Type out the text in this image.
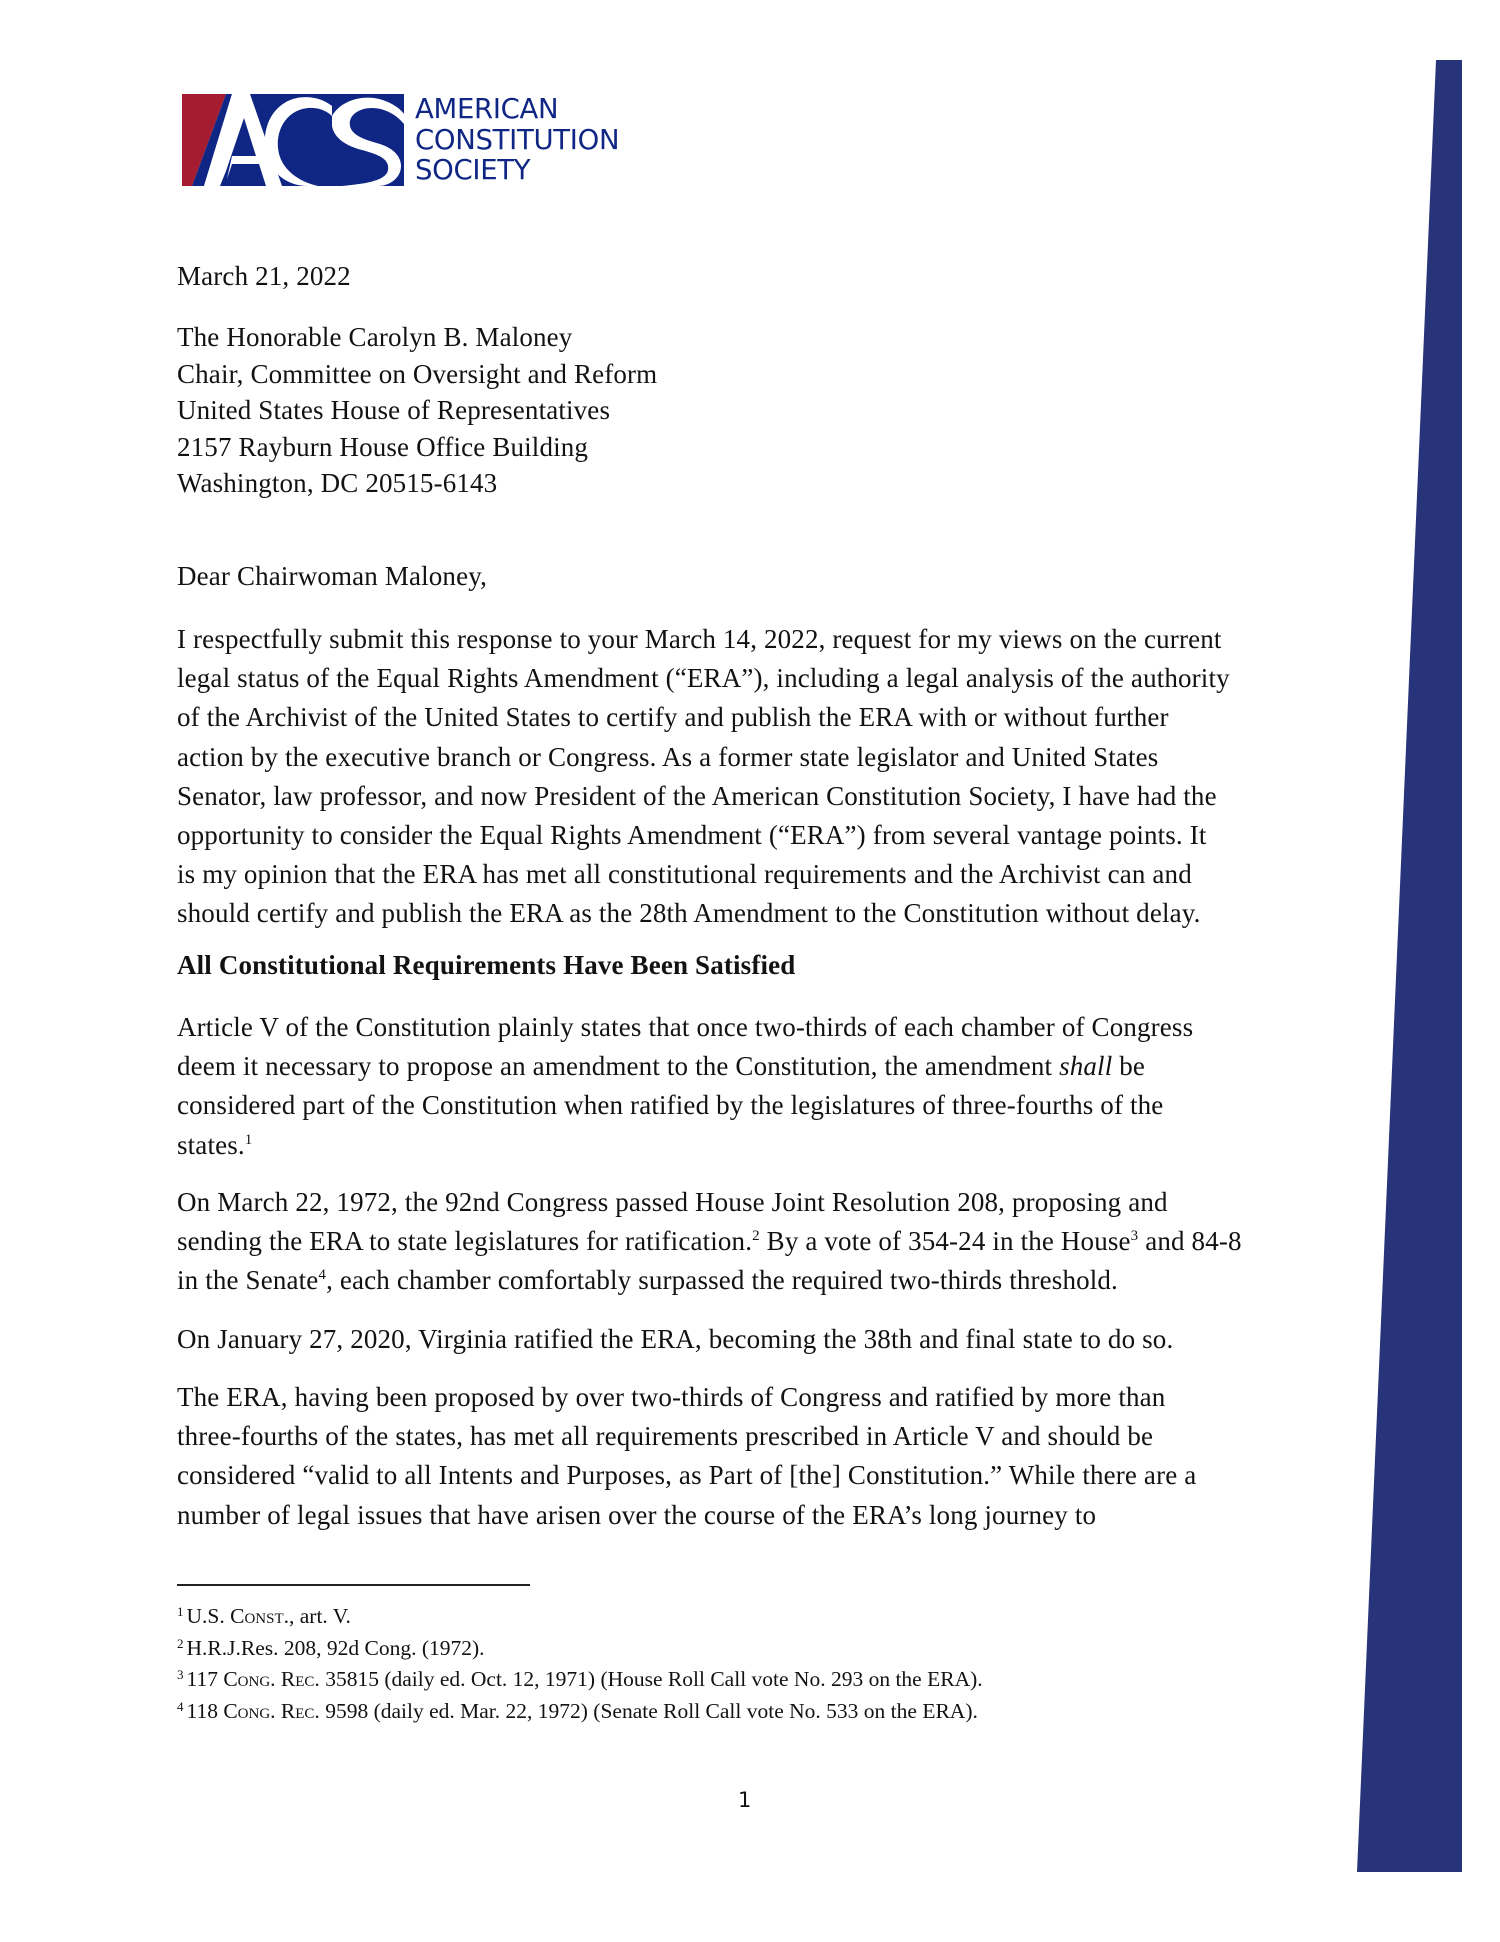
AMERICAN
CONSTITUTION
SOCIETY
March 21, 2022
The Honorable Carolyn B. Maloney
Chair, Committee on Oversight and Reform
United States House of Representatives
2157 Rayburn House Office Building
Washington, DC 20515-6143
Dear Chairwoman Maloney,
I respectfully submit this response to your March 14, 2022, request for my views on the current
legal status of the Equal Rights Amendment (“ERA”), including a legal analysis of the authority
of the Archivist of the United States to certify and publish the ERA with or without further
action by the executive branch or Congress. As a former state legislator and United States
Senator, law professor, and now President of the American Constitution Society, I have had the
opportunity to consider the Equal Rights Amendment (“ERA”) from several vantage points. It
is my opinion that the ERA has met all constitutional requirements and the Archivist can and
should certify and publish the ERA as the 28th Amendment to the Constitution without delay.
All Constitutional Requirements Have Been Satisfied
Article V of the Constitution plainly states that once two-thirds of each chamber of Congress
deem it necessary to propose an amendment to the Constitution, the amendment shall be
considered part of the Constitution when ratified by the legislatures of three-fourths of the
states.$^1$
On March 22, 1972, the 92nd Congress passed House Joint Resolution 208, proposing and
sending the ERA to state legislatures for ratification.$^2$ By a vote of 354-24 in the House$^3$ and 84-8
in the Senate$^4$, each chamber comfortably surpassed the required two-thirds threshold.
On January 27, 2020, Virginia ratified the ERA, becoming the 38th and final state to do so.
The ERA, having been proposed by over two-thirds of Congress and ratified by more than
three-fourths of the states, has met all requirements prescribed in Article V and should be
considered “valid to all Intents and Purposes, as Part of [the] Constitution.” While there are a
number of legal issues that have arisen over the course of the ERA’s long journey to
$^1$ U.S. Const., art. V.
$^2$ H.R.J.Res. 208, 92d Cong. (1972).
$^3$ 117 Cong. Rec. 35815 (daily ed. Oct. 12, 1971) (House Roll Call vote No. 293 on the ERA).
$^4$ 118 Cong. Rec. 9598 (daily ed. Mar. 22, 1972) (Senate Roll Call vote No. 533 on the ERA).
1
